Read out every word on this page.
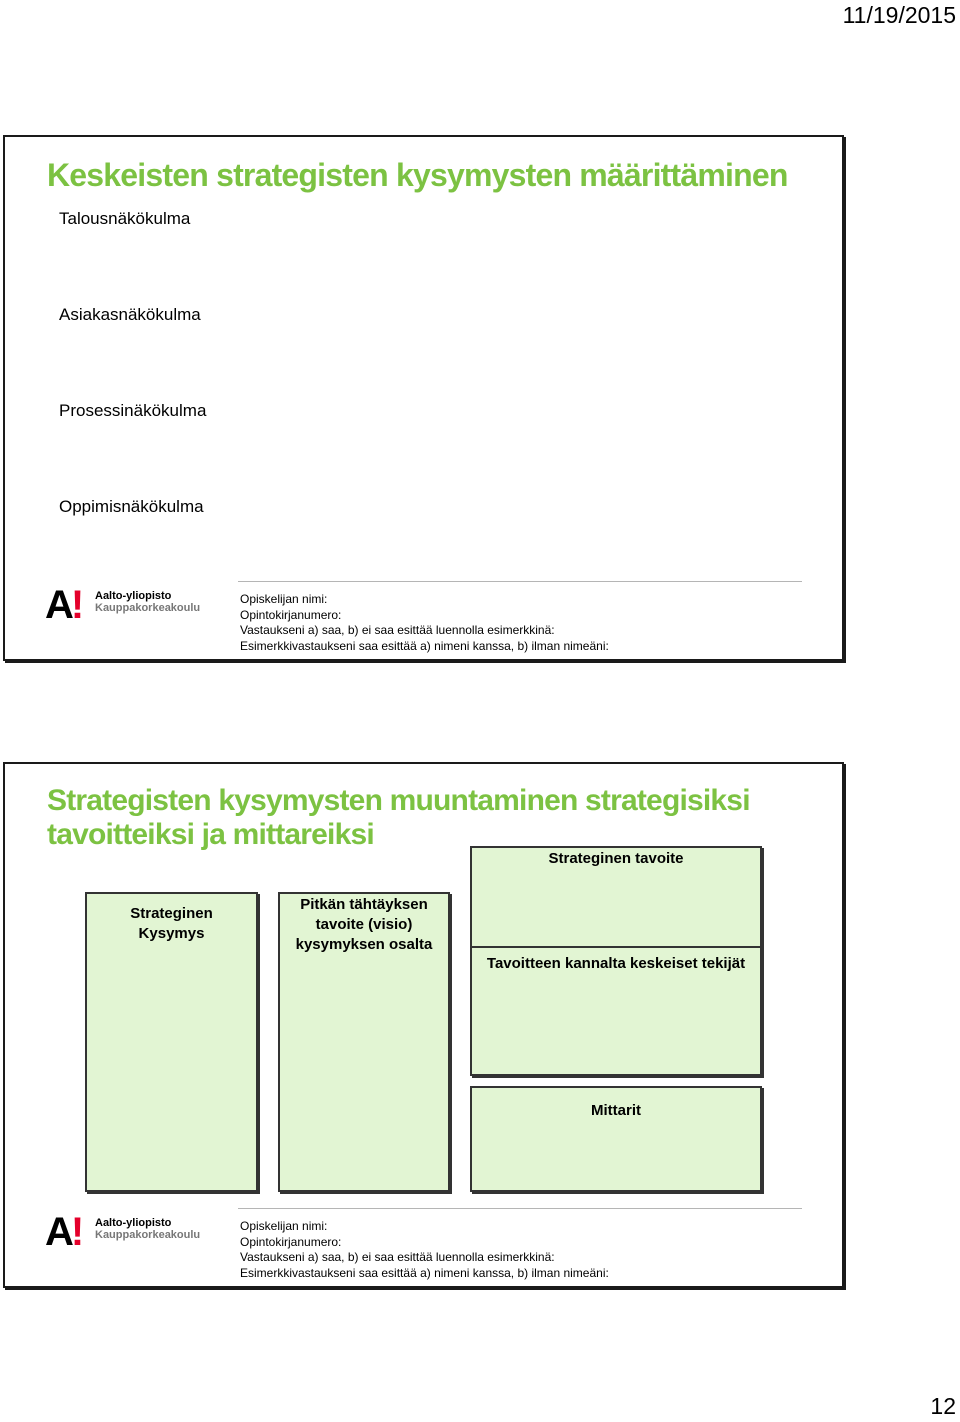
11/19/2015
Keskeisten strategisten kysymysten määrittäminen
Talousnäkökulma
Asiakasnäkökulma
Prosessinäkökulma
Oppimisnäkökulma
A! Aalto-yliopisto
Kauppakorkeakoulu
Opiskelijan nimi:
Opintokirjanumero:
Vastaukseni a) saa, b) ei saa esittää luennolla esimerkkinä:
Esimerkkivastaukseni saa esittää a) nimeni kanssa, b) ilman nimeäni:
Strategisten kysymysten muuntaminen strategisiksi tavoitteiksi ja mittareiksi
Strateginen
Kysymys
Pitkän tähtäyksen
tavoite (visio)
kysymyksen osalta
Strateginen tavoite
Tavoitteen kannalta keskeiset tekijät
Mittarit
A! Aalto-yliopisto
Kauppakorkeakoulu
Opiskelijan nimi:
Opintokirjanumero:
Vastaukseni a) saa, b) ei saa esittää luennolla esimerkkinä:
Esimerkkivastaukseni saa esittää a) nimeni kanssa, b) ilman nimeäni:
12
